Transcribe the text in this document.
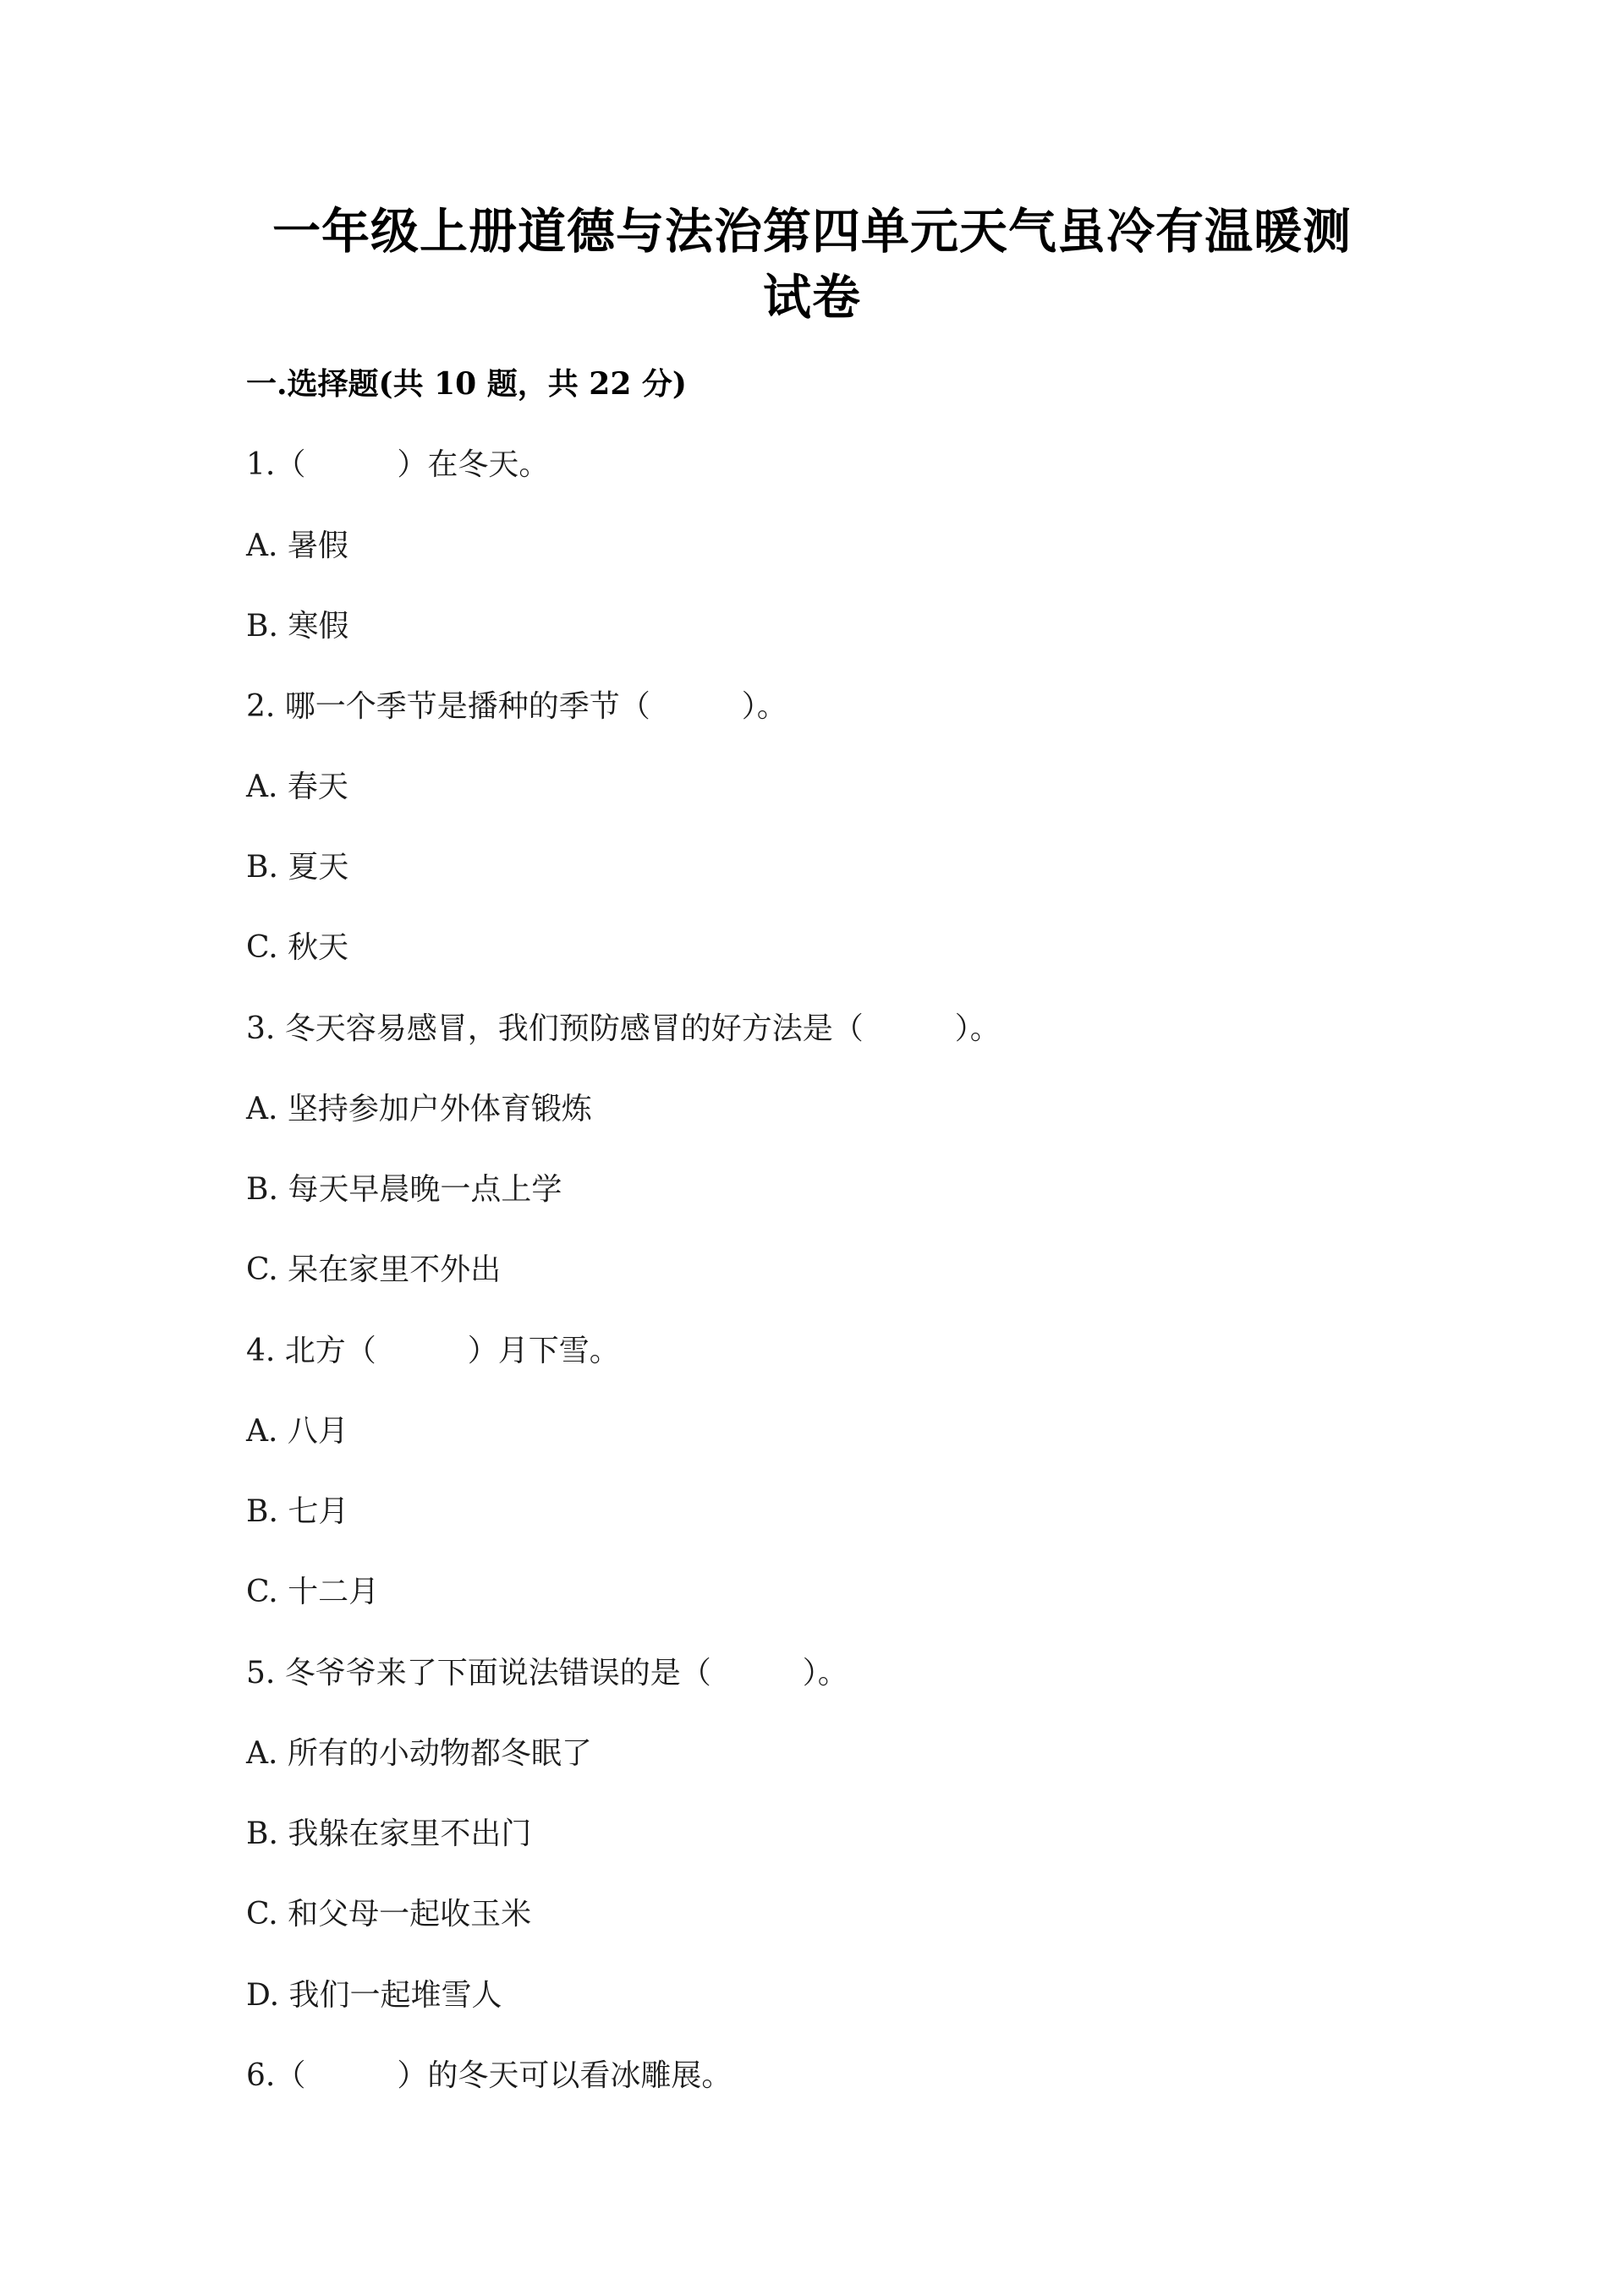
一年级上册道德与法治第四单元天气虽冷有温暖测
试卷
一.选择题(共 10 题，共 22 分)
1.（　　　）在冬天。
A. 暑假
B. 寒假
2. 哪一个季节是播种的季节（　　　）。
A. 春天
B. 夏天
C. 秋天
3. 冬天容易感冒，我们预防感冒的好方法是（　　　）。
A. 坚持参加户外体育锻炼
B. 每天早晨晚一点上学
C. 呆在家里不外出
4. 北方（　　　）月下雪。
A. 八月
B. 七月
C. 十二月
5. 冬爷爷来了下面说法错误的是（　　　）。
A. 所有的小动物都冬眠了
B. 我躲在家里不出门
C. 和父母一起收玉米
D. 我们一起堆雪人
6.（　　　）的冬天可以看冰雕展。
